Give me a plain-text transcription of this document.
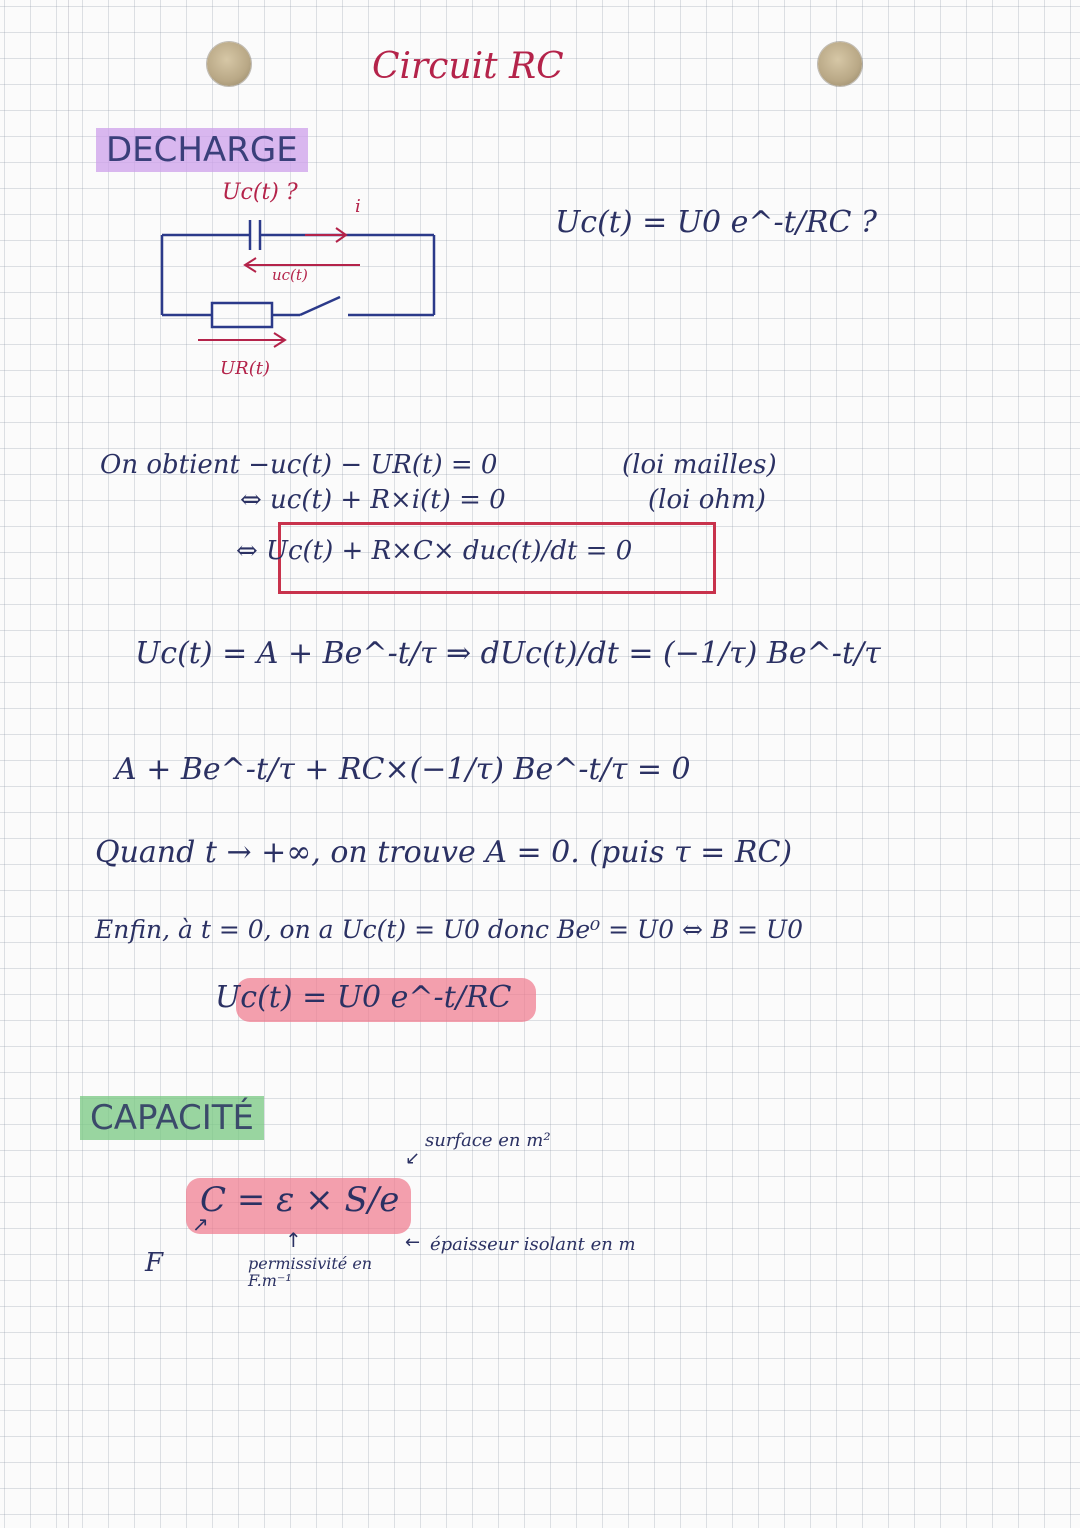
Circuit RC
DECHARGE
Uc(t) ?
i
uc(t)
UR(t)
Uc(t) = U0 e^-t/RC ?
On obtient −uc(t) − UR(t) = 0	(loi mailles)
⇔ uc(t) + R×i(t) = 0	(loi ohm)
⇔ Uc(t) + R×C× duc(t)/dt = 0
Uc(t) = A + Be^-t/τ ⇒ dUc(t)/dt = (−1/τ) Be^-t/τ
A + Be^-t/τ + RC×(−1/τ) Be^-t/τ = 0
Quand t → +∞, on trouve A = 0. (puis τ = RC)
Enfin, à t = 0, on a Uc(t) = U0 donc Be⁰ = U0 ⇔ B = U0
Uc(t) = U0 e^-t/RC
CAPACITÉ
surface en m²
C = ε × S/e
↗
↑
↙
←
F	permissivité en F.m⁻¹
épaisseur isolant en m
